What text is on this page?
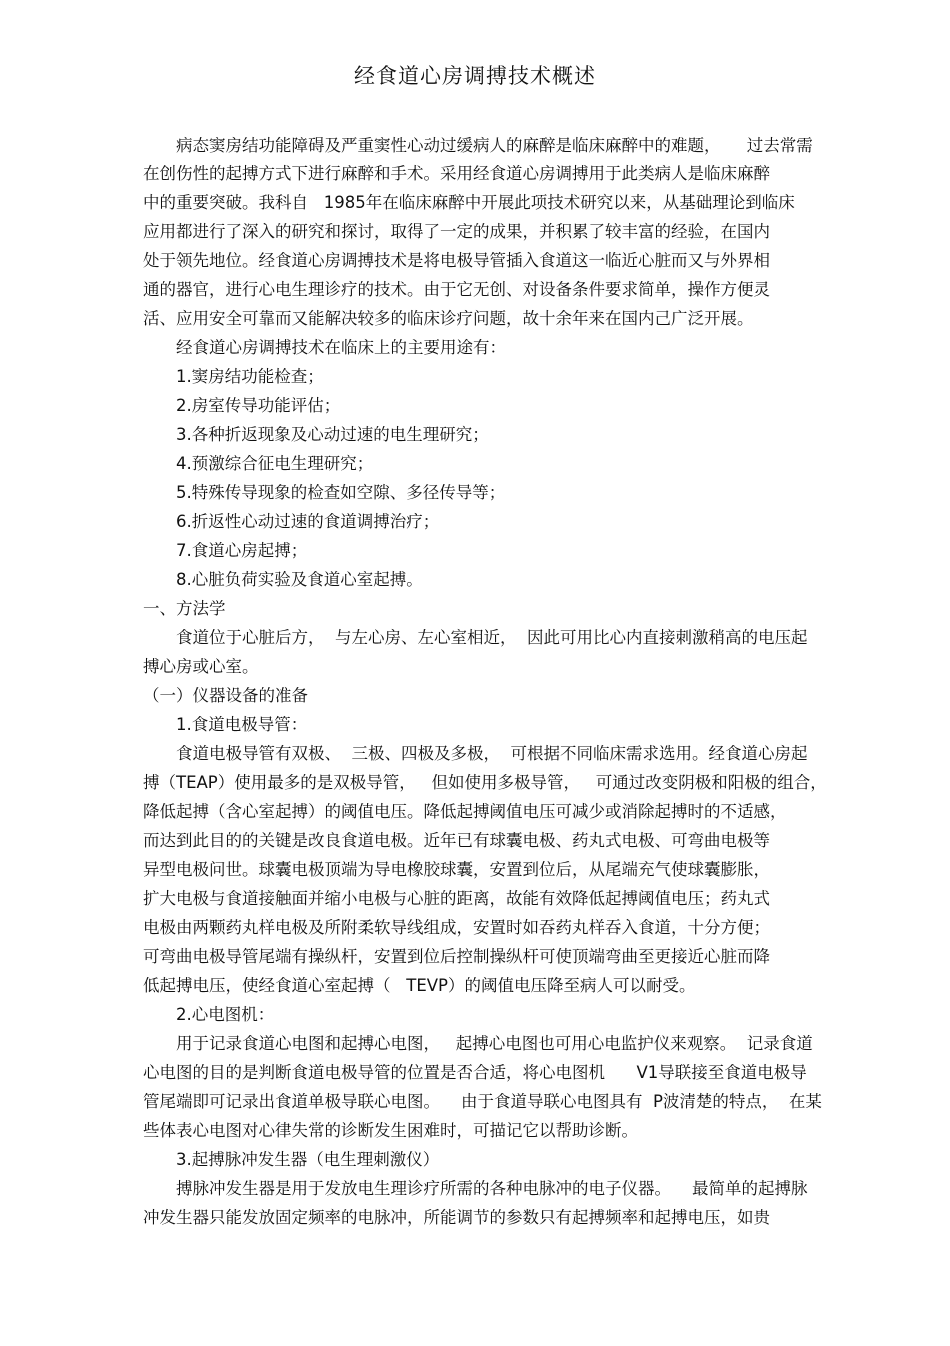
经食道心房调搏技术概述
病态窦房结功能障碍及严重窦性心动过缓病人的麻醉是临床麻醉中的难题，     过去常需
在创伤性的起搏方式下进行麻醉和手术。采用经食道心房调搏用于此类病人是临床麻醉
中的重要突破。我科自   1985年在临床麻醉中开展此项技术研究以来，从基础理论到临床
应用都进行了深入的研究和探讨，取得了一定的成果，并积累了较丰富的经验，在国内
处于领先地位。经食道心房调搏技术是将电极导管插入食道这一临近心脏而又与外界相
通的器官，进行心电生理诊疗的技术。由于它无创、对设备条件要求简单，操作方便灵
活、应用安全可靠而又能解决较多的临床诊疗问题，故十余年来在国内己广泛开展。
经食道心房调搏技术在临床上的主要用途有：
1.窦房结功能检查；
2.房室传导功能评估；
3.各种折返现象及心动过速的电生理研究；
4.预激综合征电生理研究；
5.特殊传导现象的检查如空隙、多径传导等；
6.折返性心动过速的食道调搏治疗；
7.食道心房起搏；
8.心脏负荷实验及食道心室起搏。
一、方法学
食道位于心脏后方，  与左心房、左心室相近，  因此可用比心内直接刺激稍高的电压起
搏心房或心室。
（一）仪器设备的准备
1.食道电极导管：
食道电极导管有双极、  三极、四极及多极，  可根据不同临床需求选用。经食道心房起
搏（TEAP）使用最多的是双极导管，   但如使用多极导管，   可通过改变阴极和阳极的组合，
降低起搏（含心室起搏）的阈值电压。降低起搏阈值电压可减少或消除起搏时的不适感，
而达到此目的的关键是改良食道电极。近年已有球囊电极、药丸式电极、可弯曲电极等
异型电极问世。球囊电极顶端为导电橡胶球囊，安置到位后，从尾端充气使球囊膨胀，
扩大电极与食道接触面并缩小电极与心脏的距离，故能有效降低起搏阈值电压；药丸式
电极由两颗药丸样电极及所附柔软导线组成，安置时如吞药丸样吞入食道，十分方便；
可弯曲电极导管尾端有操纵杆，安置到位后控制操纵杆可使顶端弯曲至更接近心脏而降
低起搏电压，使经食道心室起搏（   TEVP）的阈值电压降至病人可以耐受。
2.心电图机：
用于记录食道心电图和起搏心电图，   起搏心电图也可用心电监护仪来观察。  记录食道
心电图的目的是判断食道电极导管的位置是否合适，将心电图机      V1导联接至食道电极导
管尾端即可记录出食道单极导联心电图。    由于食道导联心电图具有  P波清楚的特点，  在某
些体表心电图对心律失常的诊断发生困难时，可描记它以帮助诊断。
3.起搏脉冲发生器（电生理刺激仪）
搏脉冲发生器是用于发放电生理诊疗所需的各种电脉冲的电子仪器。    最简单的起搏脉
冲发生器只能发放固定频率的电脉冲，所能调节的参数只有起搏频率和起搏电压，如贵
